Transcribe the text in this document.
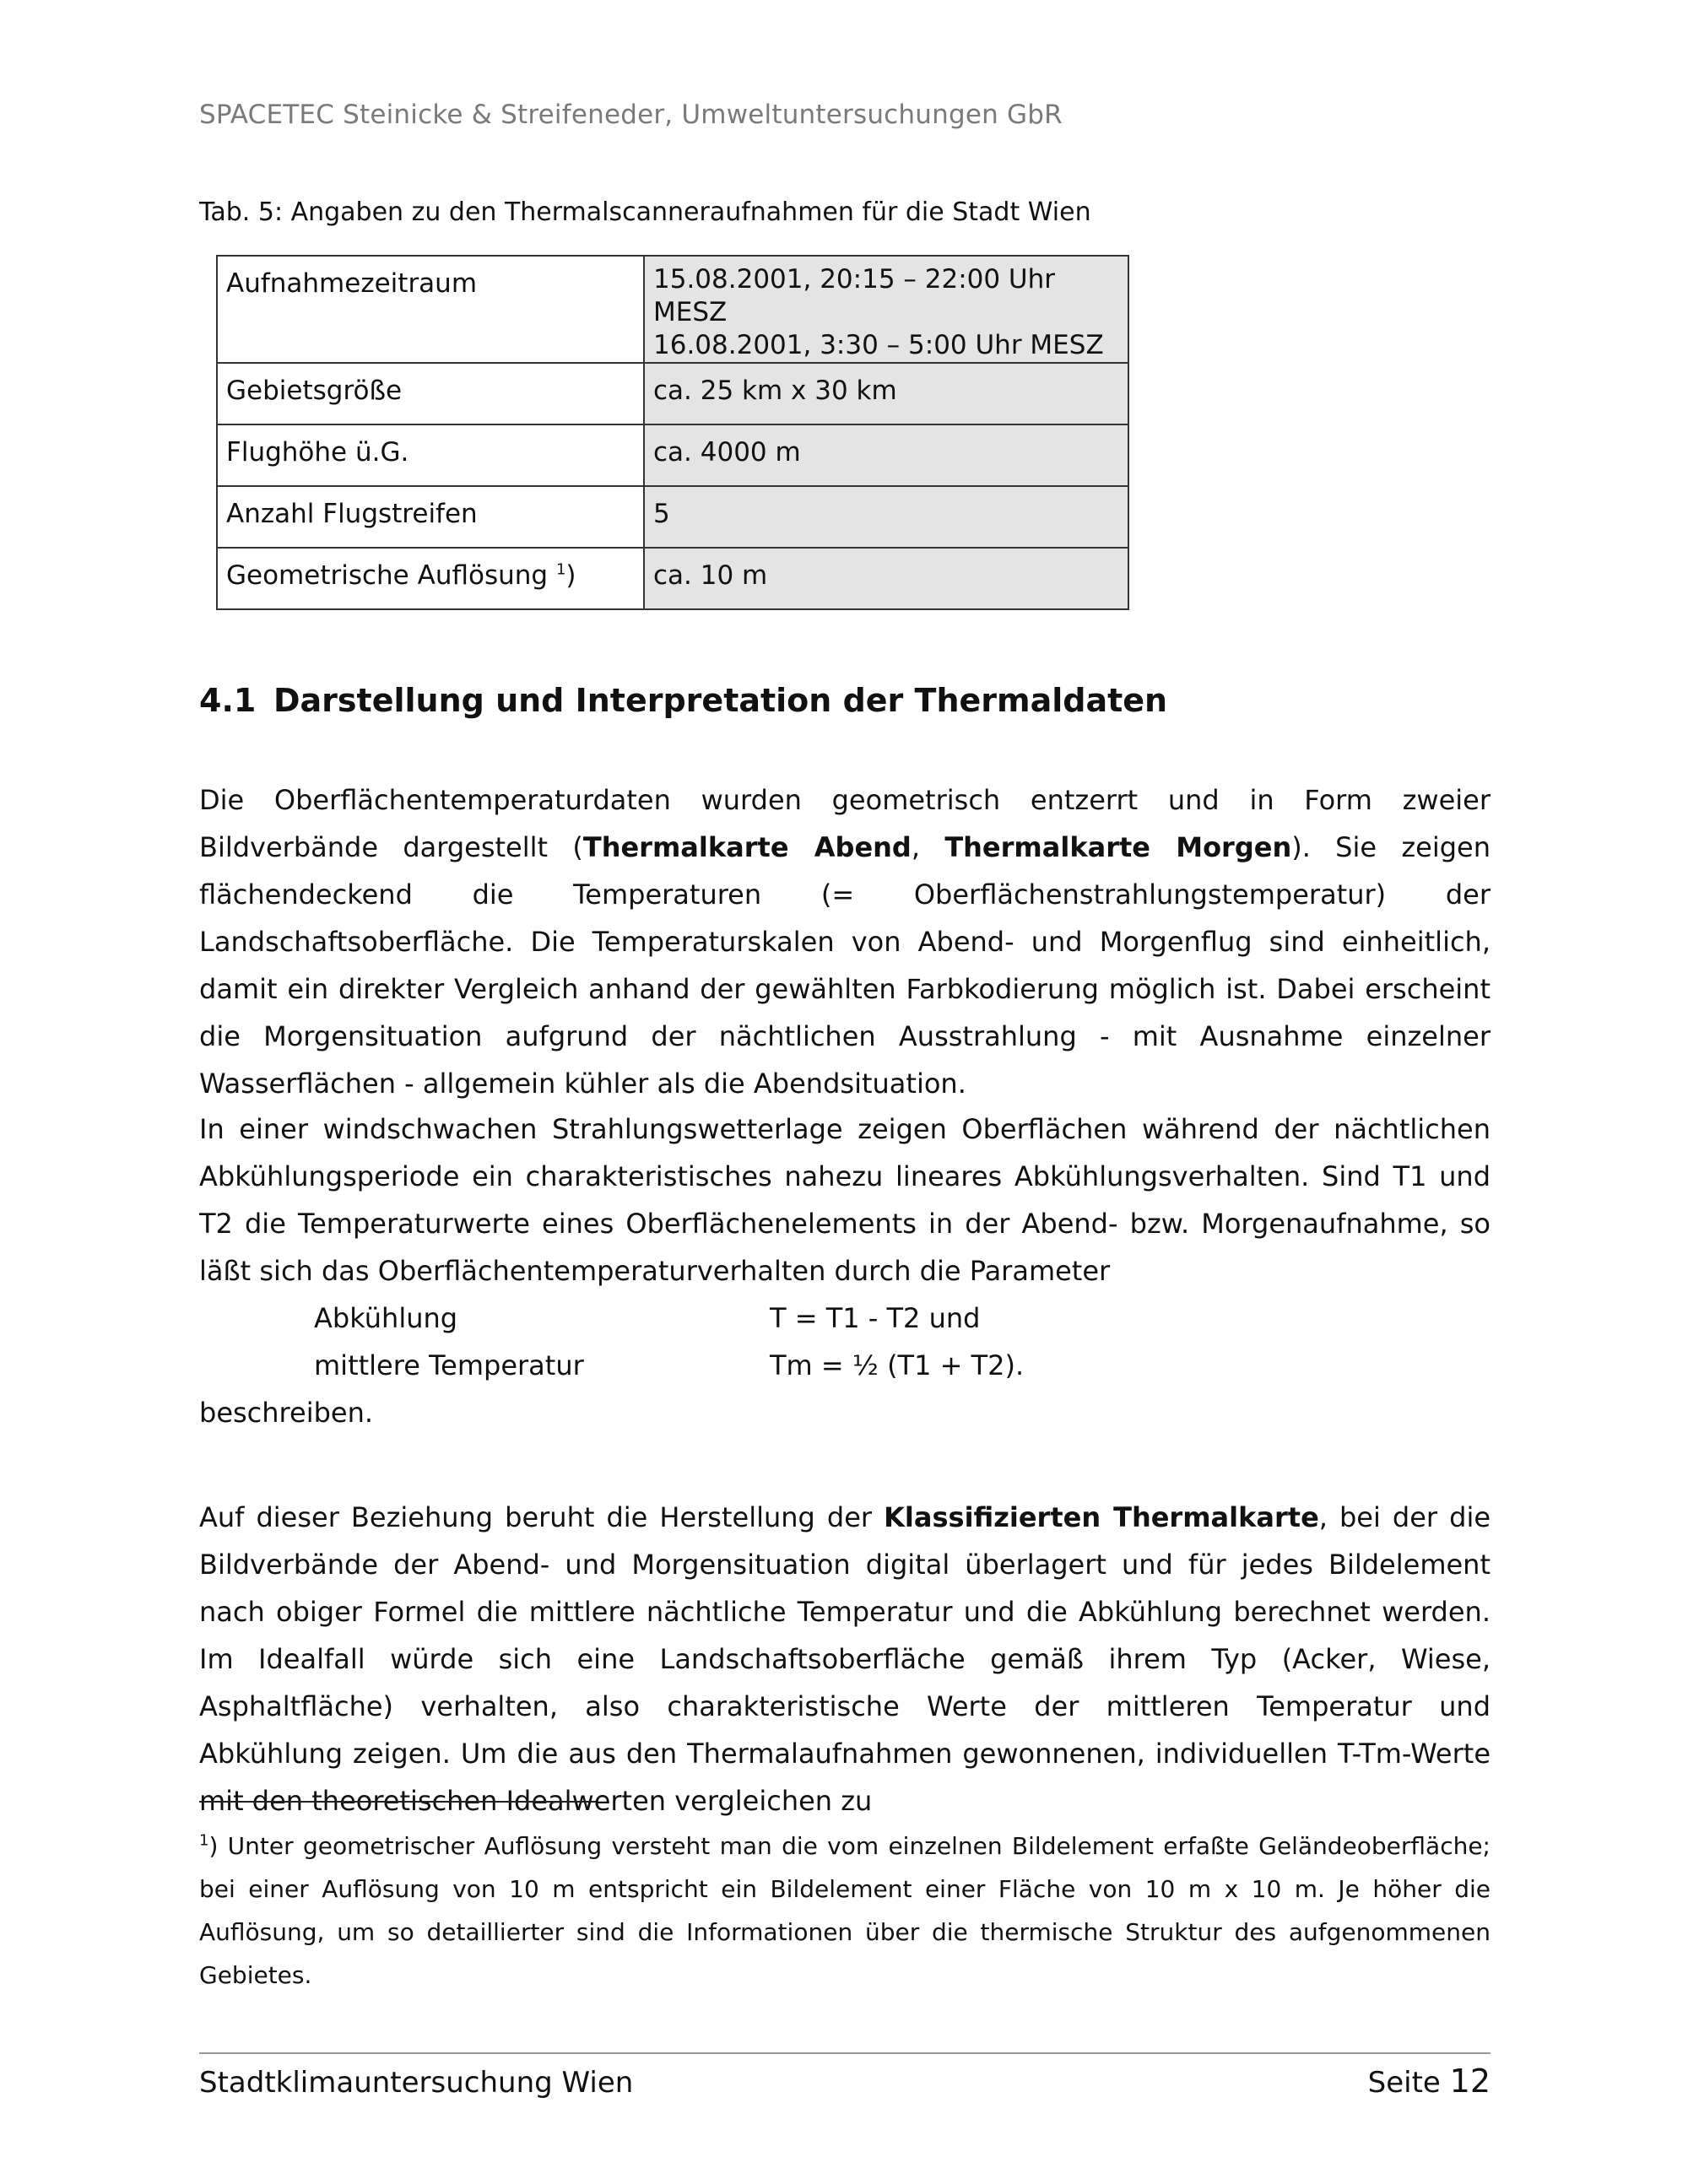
SPACETEC Steinicke & Streifeneder, Umweltuntersuchungen GbR
Tab. 5: Angaben zu den Thermalscanneraufnahmen für die Stadt Wien
Aufnahmezeitraum	15.08.2001, 20:15 – 22:00 Uhr MESZ
16.08.2001, 3:30 – 5:00 Uhr MESZ

Gebietsgröße	ca. 25 km x 30 km
Flughöhe ü.G.	ca. 4000 m
Anzahl Flugstreifen	5
Geometrische Auflösung $^1$)	ca. 10 m
4.1 Darstellung und Interpretation der Thermaldaten
Die Oberflächentemperaturdaten wurden geometrisch entzerrt und in Form zweier Bildverbände dargestellt (Thermalkarte Abend, Thermalkarte Morgen). Sie zeigen flächendeckend die Temperaturen (= Oberflächenstrahlungstemperatur) der Landschaftsoberfläche. Die Temperaturskalen von Abend- und Morgenflug sind einheitlich, damit ein direkter Vergleich anhand der gewählten Farbkodierung möglich ist. Dabei erscheint die Morgensituation aufgrund der nächtlichen Ausstrahlung - mit Ausnahme einzelner Wasserflächen - allgemein kühler als die Abendsituation.
In einer windschwachen Strahlungswetterlage zeigen Oberflächen während der nächtlichen Abkühlungsperiode ein charakteristisches nahezu lineares Abkühlungsverhalten. Sind T1 und T2 die Temperaturwerte eines Oberflächenelements in der Abend- bzw. Morgenaufnahme, so läßt sich das Oberflächentemperaturverhalten durch die Parameter
Abkühlung	T = T1 - T2 und
mittlere Temperatur	Tm = ½ (T1 + T2).
beschreiben.
Auf dieser Beziehung beruht die Herstellung der Klassifizierten Thermalkarte, bei der die Bildverbände der Abend- und Morgensituation digital überlagert und für jedes Bildelement nach obiger Formel die mittlere nächtliche Temperatur und die Abkühlung berechnet werden. Im Idealfall würde sich eine Landschaftsoberfläche gemäß ihrem Typ (Acker, Wiese, Asphaltfläche) verhalten, also charakteristische Werte der mittleren Temperatur und Abkühlung zeigen. Um die aus den Thermalaufnahmen gewonnenen, individuellen T-Tm-Werte mit den theoretischen Idealwerten vergleichen zu
$^1$) Unter geometrischer Auflösung versteht man die vom einzelnen Bildelement erfaßte Geländeoberfläche; bei einer Auflösung von 10 m entspricht ein Bildelement einer Fläche von 10 m x 10 m. Je höher die Auflösung, um so detaillierter sind die Informationen über die thermische Struktur des aufgenommenen Gebietes.
Stadtklimauntersuchung Wien	Seite 12
